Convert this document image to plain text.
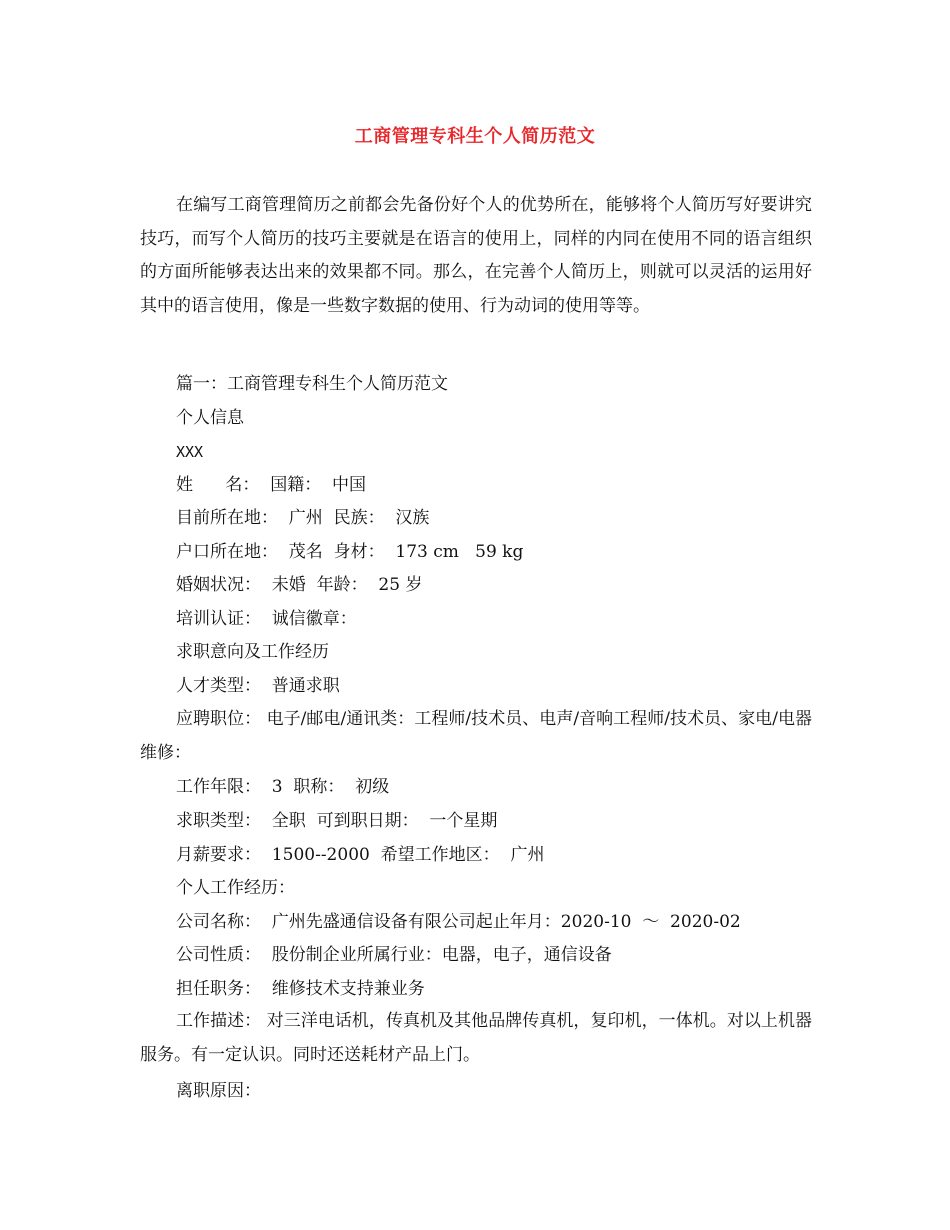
工商管理专科生个人简历范文

在编写工商管理简历之前都会先备份好个人的优势所在，能够将个人简历写好要讲究技巧，而写个人简历的技巧主要就是在语言的使用上，同样的内同在使用不同的语言组织的方面所能够表达出来的效果都不同。那么，在完善个人简历上，则就可以灵活的运用好其中的语言使用，像是一些数字数据的使用、行为动词的使用等等。

篇一：工商管理专科生个人简历范文

个人信息

XXX

姓      名：  国籍：  中国

目前所在地：  广州  民族：  汉族

户口所在地：  茂名  身材：  173 cm   59 kg

婚姻状况：  未婚  年龄：  25 岁

培训认证：  诚信徽章：

求职意向及工作经历

人才类型：  普通求职

应聘职位： 电子/邮电/通讯类：工程师/技术员、电声/音响工程师/技术员、家电/电器维修：

工作年限：  3  职称：  初级

求职类型：  全职  可到职日期：  一个星期

月薪要求：  1500--2000  希望工作地区：  广州

个人工作经历：

公司名称：  广州先盛通信设备有限公司起止年月：2020-10  ～  2020-02

公司性质：  股份制企业所属行业：电器，电子，通信设备

担任职务：  维修技术支持兼业务

工作描述： 对三洋电话机，传真机及其他品牌传真机，复印机，一体机。对以上机器服务。有一定认识。同时还送耗材产品上门。

离职原因：
